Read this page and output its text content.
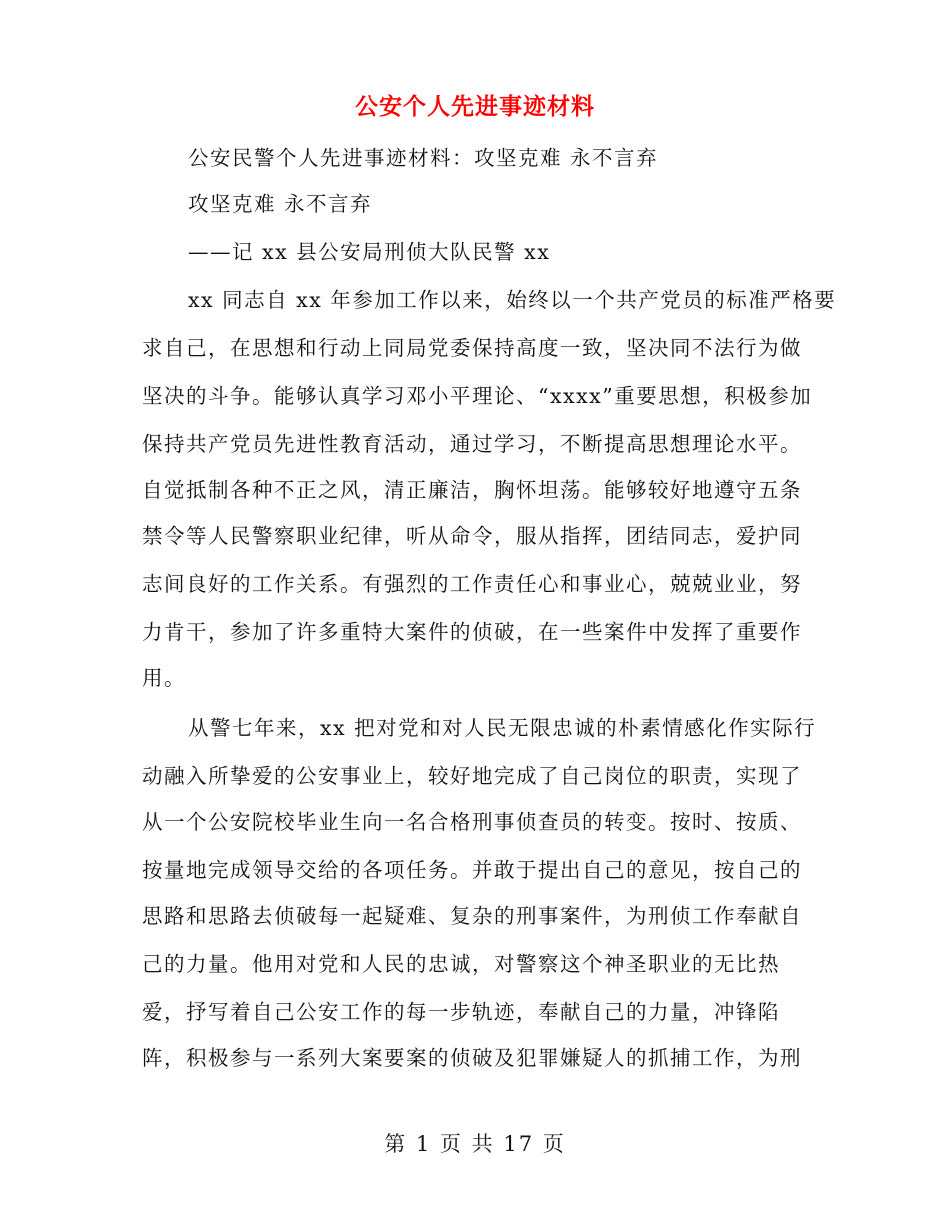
公安个人先进事迹材料
公安民警个人先进事迹材料：攻坚克难 永不言弃
攻坚克难 永不言弃
——记 xx 县公安局刑侦大队民警 xx
xx 同志自 xx 年参加工作以来，始终以一个共产党员的标准严格要
求自己，在思想和行动上同局党委保持高度一致，坚决同不法行为做
坚决的斗争。能够认真学习邓小平理论、“xxxx”重要思想，积极参加
保持共产党员先进性教育活动，通过学习，不断提高思想理论水平。
自觉抵制各种不正之风，清正廉洁，胸怀坦荡。能够较好地遵守五条
禁令等人民警察职业纪律，听从命令，服从指挥，团结同志，爱护同
志间良好的工作关系。有强烈的工作责任心和事业心，兢兢业业，努
力肯干，参加了许多重特大案件的侦破，在一些案件中发挥了重要作
用。
从警七年来，xx 把对党和对人民无限忠诚的朴素情感化作实际行
动融入所挚爱的公安事业上，较好地完成了自己岗位的职责，实现了
从一个公安院校毕业生向一名合格刑事侦查员的转变。按时、按质、
按量地完成领导交给的各项任务。并敢于提出自己的意见，按自己的
思路和思路去侦破每一起疑难、复杂的刑事案件，为刑侦工作奉献自
己的力量。他用对党和人民的忠诚，对警察这个神圣职业的无比热
爱，抒写着自己公安工作的每一步轨迹，奉献自己的力量，冲锋陷
阵，积极参与一系列大案要案的侦破及犯罪嫌疑人的抓捕工作，为刑
第 1 页 共 17 页
